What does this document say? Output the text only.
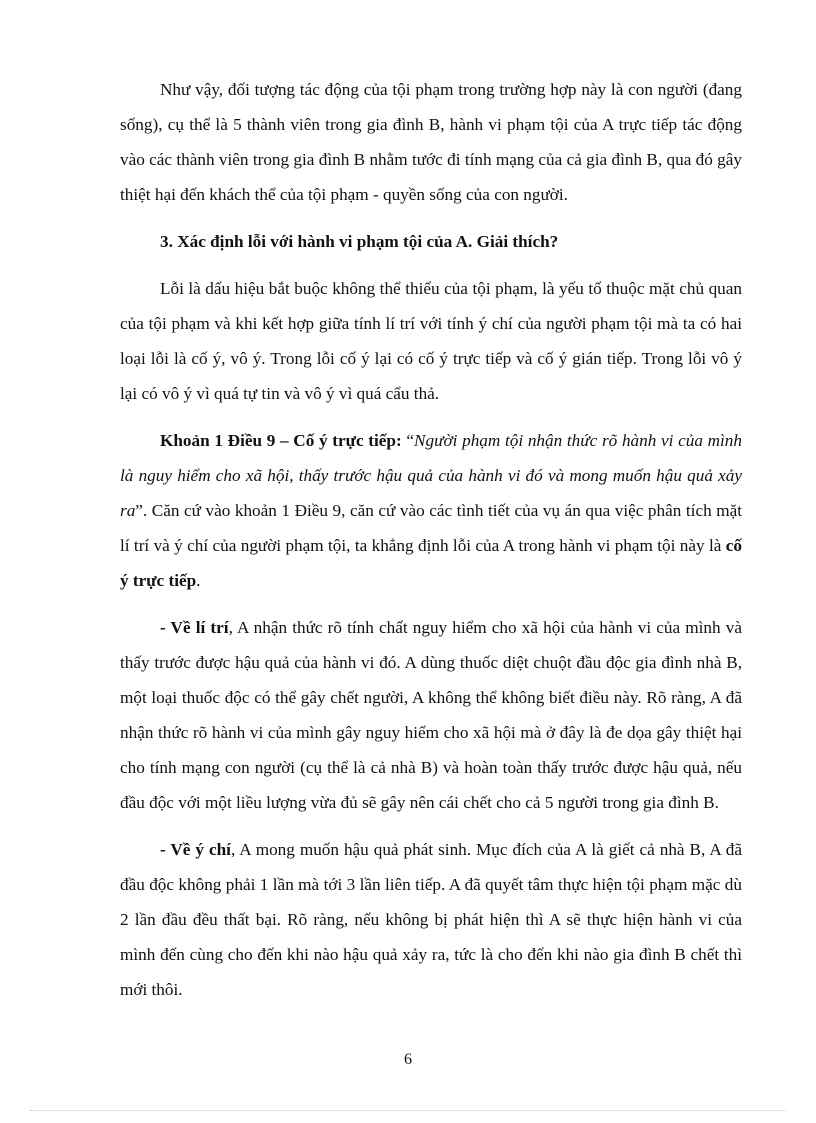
Như vậy, đối tượng tác động của tội phạm trong trường hợp này là con người (đang sống), cụ thể là 5 thành viên trong gia đình B, hành vi phạm tội của A trực tiếp tác động vào các thành viên trong gia đình B nhằm tước đi tính mạng của cả gia đình B, qua đó gây thiệt hại đến khách thể của tội phạm - quyền sống của con người.

3. Xác định lỗi với hành vi phạm tội của A. Giải thích?

Lỗi là dấu hiệu bắt buộc không thể thiếu của tội phạm, là yếu tố thuộc mặt chủ quan của tội phạm và khi kết hợp giữa tính lí trí với tính ý chí của người phạm tội mà ta có hai loại lỗi là cố ý, vô ý. Trong lỗi cố ý lại có cố ý trực tiếp và cố ý gián tiếp. Trong lỗi vô ý lại có vô ý vì quá tự tin và vô ý vì quá cẩu thả.

Khoản 1 Điều 9 – Cố ý trực tiếp: “Người phạm tội nhận thức rõ hành vi của mình là nguy hiểm cho xã hội, thấy trước hậu quả của hành vi đó và mong muốn hậu quả xảy ra”. Căn cứ vào khoản 1 Điều 9, căn cứ vào các tình tiết của vụ án qua việc phân tích mặt lí trí và ý chí của người phạm tội, ta khẳng định lỗi của A trong hành vi phạm tội này là cố ý trực tiếp.

- Về lí trí, A nhận thức rõ tính chất nguy hiểm cho xã hội của hành vi của mình và thấy trước được hậu quả của hành vi đó. A dùng thuốc diệt chuột đầu độc gia đình nhà B, một loại thuốc độc có thể gây chết người, A không thể không biết điều này. Rõ ràng, A đã nhận thức rõ hành vi của mình gây nguy hiểm cho xã hội mà ở đây là đe dọa gây thiệt hại cho tính mạng con người (cụ thể là cả nhà B) và hoàn toàn thấy trước được hậu quả, nếu đầu độc với một liều lượng vừa đủ sẽ gây nên cái chết cho cả 5 người trong gia đình B.

- Về ý chí, A mong muốn hậu quả phát sinh. Mục đích của A là giết cả nhà B, A đã đầu độc không phải 1 lần mà tới 3 lần liên tiếp. A đã quyết tâm thực hiện tội phạm mặc dù 2 lần đầu đều thất bại. Rõ ràng, nếu không bị phát hiện thì A sẽ thực hiện hành vi của mình đến cùng cho đến khi nào hậu quả xảy ra, tức là cho đến khi nào gia đình B chết thì mới thôi.

6
